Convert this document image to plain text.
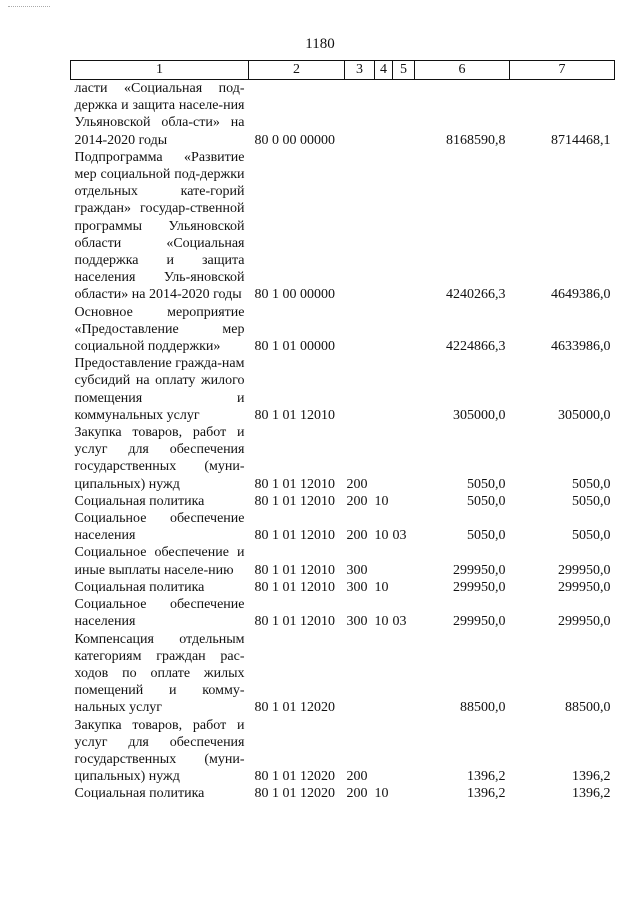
1180
1	2	3	4	5	6	7
ласти «Социальная под-держка и защита населе-ния Ульяновской обла-сти» на 2014-2020 годы	80 0 00 00000				8168590,8	8714468,1
Подпрограмма «Развитие мер социальной под-держки отдельных кате-горий граждан» государ-ственной программы Ульяновской области «Социальная поддержка и защита населения Уль-яновской области» на 2014-2020 годы	80 1 00 00000				4240266,3	4649386,0
Основное мероприятие «Предоставление мер социальной поддержки»	80 1 01 00000				4224866,3	4633986,0
Предоставление гражда-нам субсидий на оплату жилого помещения и коммунальных услуг	80 1 01 12010				305000,0	305000,0
Закупка товаров, работ и услуг для обеспечения государственных (муни-ципальных) нужд	80 1 01 12010	200			5050,0	5050,0
Социальная политика	80 1 01 12010	200	10		5050,0	5050,0
Социальное обеспечение населения	80 1 01 12010	200	10	03	5050,0	5050,0
Социальное обеспечение и иные выплаты населе-нию	80 1 01 12010	300			299950,0	299950,0
Социальная политика	80 1 01 12010	300	10		299950,0	299950,0
Социальное обеспечение населения	80 1 01 12010	300	10	03	299950,0	299950,0
Компенсация отдельным категориям граждан рас-ходов по оплате жилых помещений и комму-нальных услуг	80 1 01 12020				88500,0	88500,0
Закупка товаров, работ и услуг для обеспечения государственных (муни-ципальных) нужд	80 1 01 12020	200			1396,2	1396,2
Социальная политика	80 1 01 12020	200	10		1396,2	1396,2
